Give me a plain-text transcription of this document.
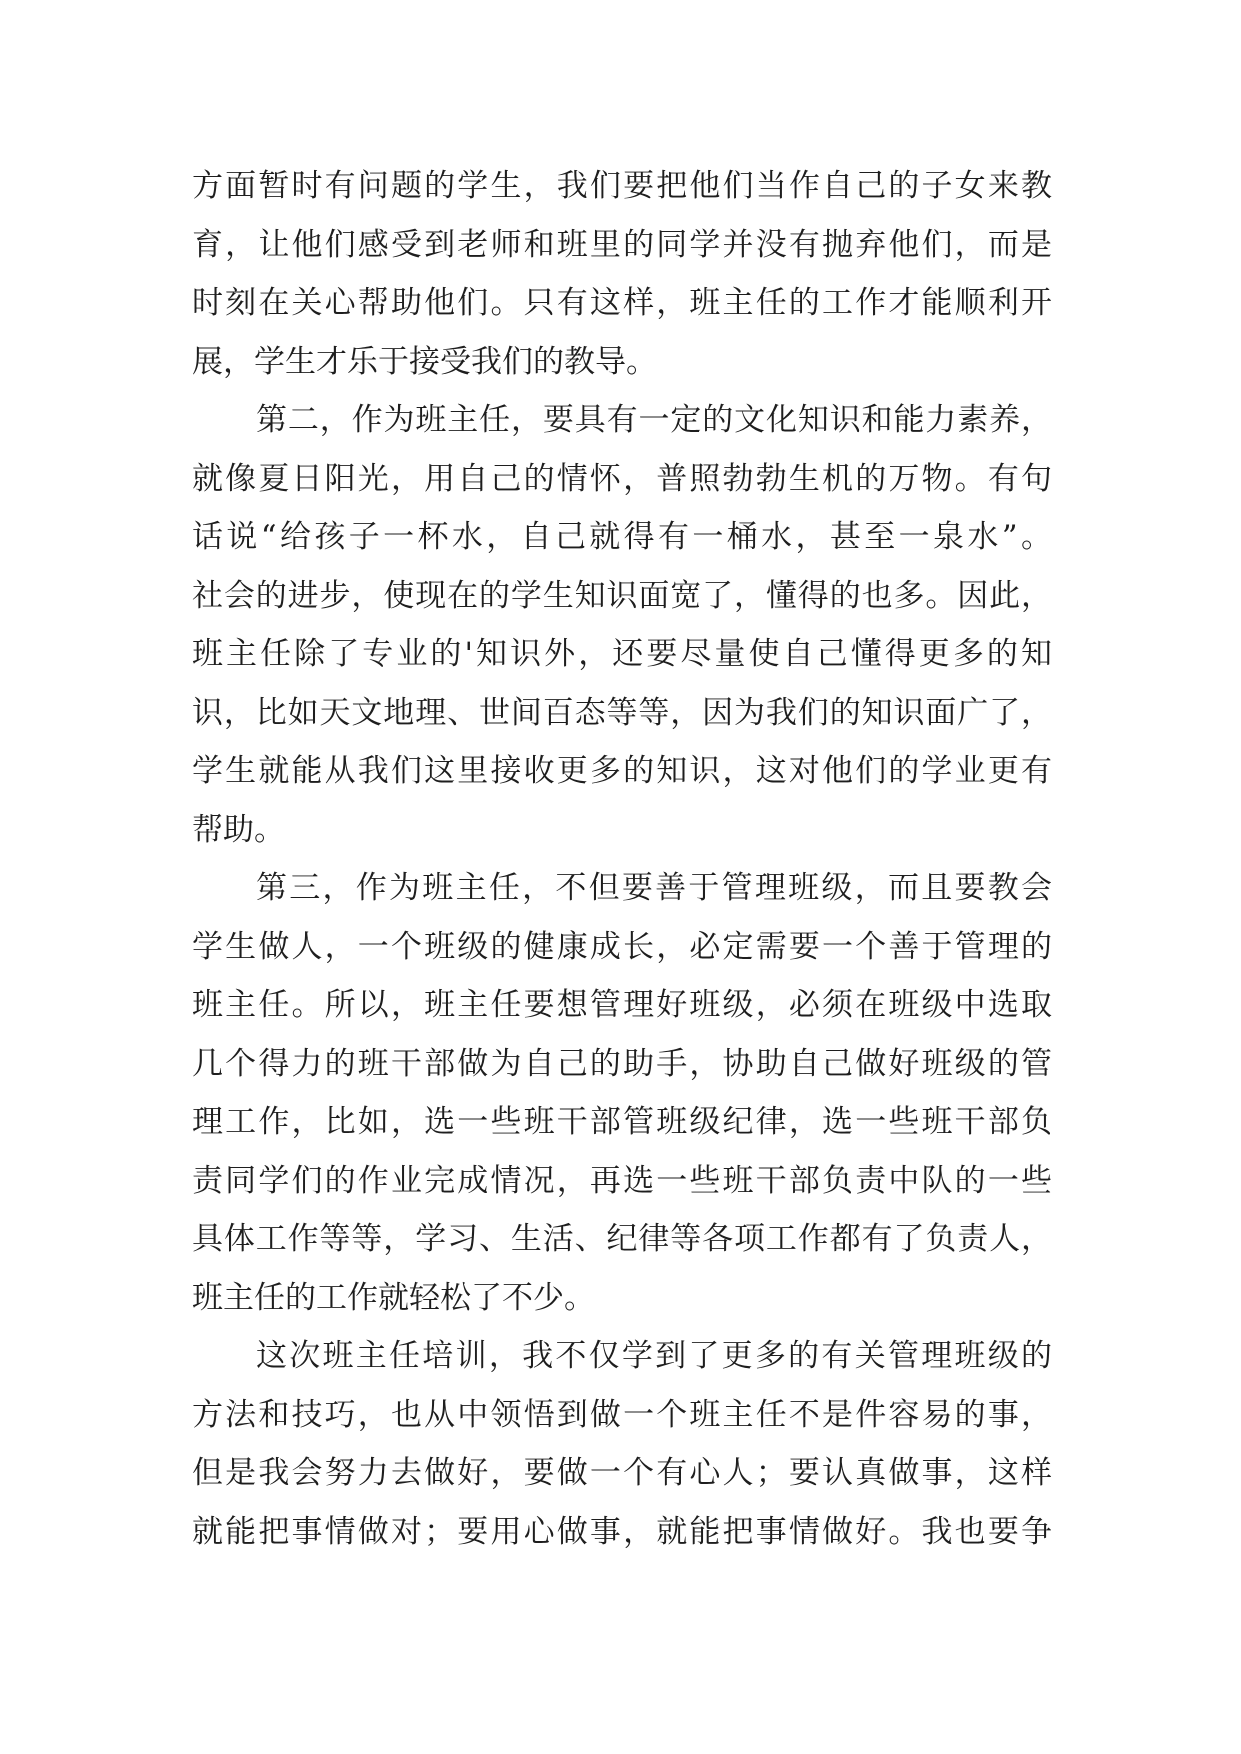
方面暂时有问题的学生，我们要把他们当作自己的子女来教
育，让他们感受到老师和班里的同学并没有抛弃他们，而是
时刻在关心帮助他们。只有这样，班主任的工作才能顺利开
展，学生才乐于接受我们的教导。
第二，作为班主任，要具有一定的文化知识和能力素养，
就像夏日阳光，用自己的情怀，普照勃勃生机的万物。有句
话说“给孩子一杯水，自己就得有一桶水，甚至一泉水”。
社会的进步，使现在的学生知识面宽了，懂得的也多。因此，
班主任除了专业的'知识外，还要尽量使自己懂得更多的知
识，比如天文地理、世间百态等等，因为我们的知识面广了，
学生就能从我们这里接收更多的知识，这对他们的学业更有
帮助。
第三，作为班主任，不但要善于管理班级，而且要教会
学生做人，一个班级的健康成长，必定需要一个善于管理的
班主任。所以，班主任要想管理好班级，必须在班级中选取
几个得力的班干部做为自己的助手，协助自己做好班级的管
理工作，比如，选一些班干部管班级纪律，选一些班干部负
责同学们的作业完成情况，再选一些班干部负责中队的一些
具体工作等等，学习、生活、纪律等各项工作都有了负责人，
班主任的工作就轻松了不少。
这次班主任培训，我不仅学到了更多的有关管理班级的
方法和技巧，也从中领悟到做一个班主任不是件容易的事，
但是我会努力去做好，要做一个有心人；要认真做事，这样
就能把事情做对；要用心做事，就能把事情做好。我也要争
